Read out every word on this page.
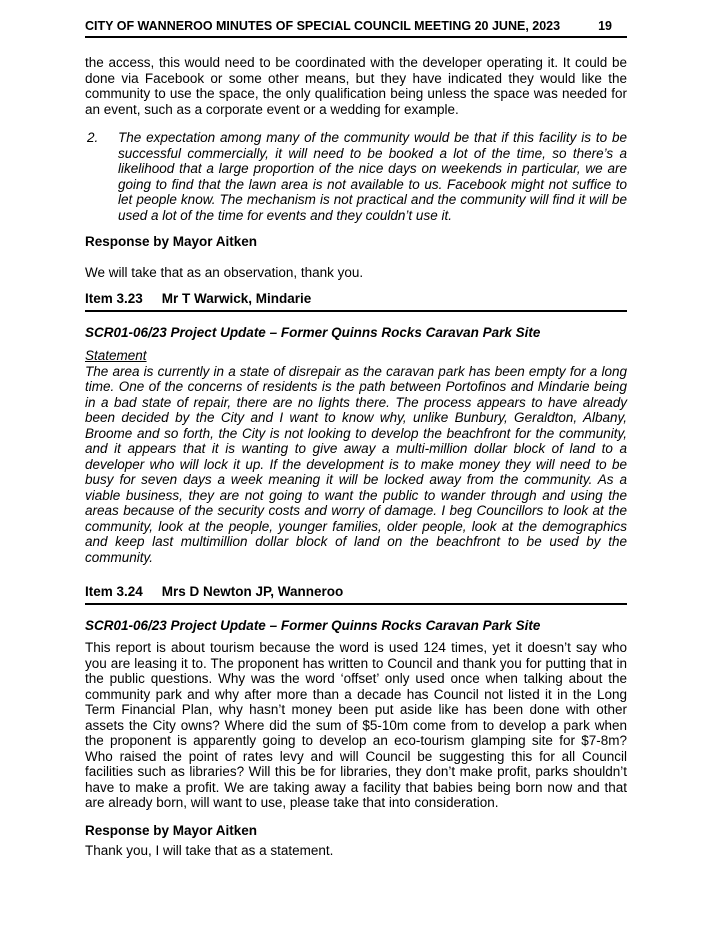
CITY OF WANNEROO MINUTES OF SPECIAL COUNCIL MEETING 20 JUNE, 2023	19

the access, this would need to be coordinated with the developer operating it. It could be done via Facebook or some other means, but they have indicated they would like the community to use the space, the only qualification being unless the space was needed for an event, such as a corporate event or a wedding for example.

2. The expectation among many of the community would be that if this facility is to be successful commercially, it will need to be booked a lot of the time, so there’s a likelihood that a large proportion of the nice days on weekends in particular, we are going to find that the lawn area is not available to us. Facebook might not suffice to let people know. The mechanism is not practical and the community will find it will be used a lot of the time for events and they couldn’t use it.

Response by Mayor Aitken

We will take that as an observation, thank you.

Item 3.23 Mr T Warwick, Mindarie

SCR01-06/23 Project Update – Former Quinns Rocks Caravan Park Site

Statement

The area is currently in a state of disrepair as the caravan park has been empty for a long time. One of the concerns of residents is the path between Portofinos and Mindarie being in a bad state of repair, there are no lights there. The process appears to have already been decided by the City and I want to know why, unlike Bunbury, Geraldton, Albany, Broome and so forth, the City is not looking to develop the beachfront for the community, and it appears that it is wanting to give away a multi-million dollar block of land to a developer who will lock it up. If the development is to make money they will need to be busy for seven days a week meaning it will be locked away from the community. As a viable business, they are not going to want the public to wander through and using the areas because of the security costs and worry of damage. I beg Councillors to look at the community, look at the people, younger families, older people, look at the demographics and keep last multimillion dollar block of land on the beachfront to be used by the community.

Item 3.24 Mrs D Newton JP, Wanneroo

SCR01-06/23 Project Update – Former Quinns Rocks Caravan Park Site

This report is about tourism because the word is used 124 times, yet it doesn’t say who you are leasing it to. The proponent has written to Council and thank you for putting that in the public questions. Why was the word ‘offset’ only used once when talking about the community park and why after more than a decade has Council not listed it in the Long Term Financial Plan, why hasn’t money been put aside like has been done with other assets the City owns? Where did the sum of $5-10m come from to develop a park when the proponent is apparently going to develop an eco-tourism glamping site for $7-8m? Who raised the point of rates levy and will Council be suggesting this for all Council facilities such as libraries? Will this be for libraries, they don’t make profit, parks shouldn’t have to make a profit. We are taking away a facility that babies being born now and that are already born, will want to use, please take that into consideration.

Response by Mayor Aitken

Thank you, I will take that as a statement.
